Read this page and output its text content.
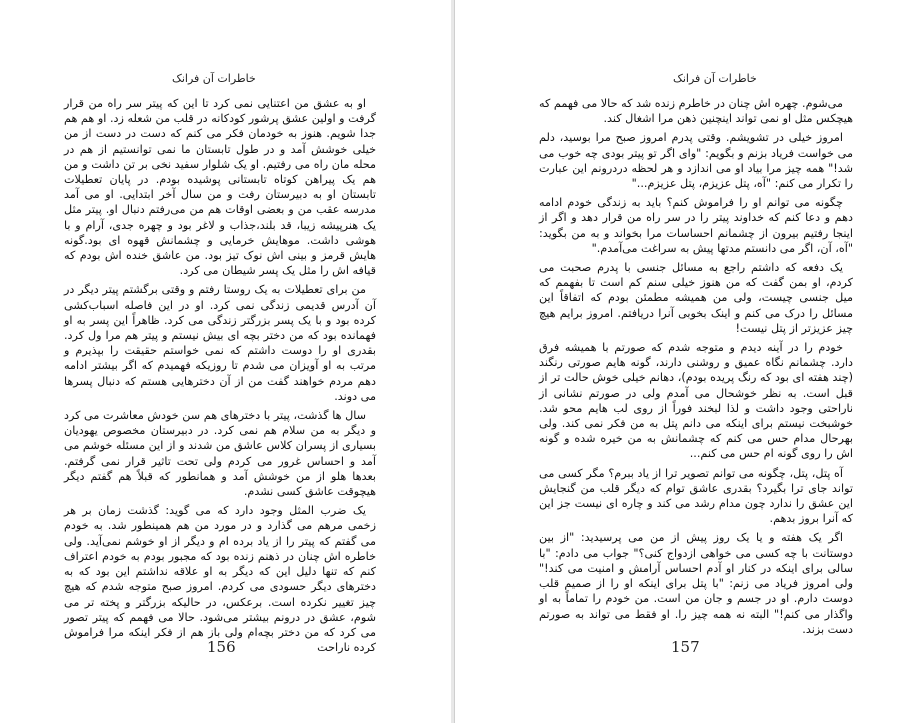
خاطرات آن فرانک

او به عشق من اعتنایی نمی کرد تا این که پیتر سر راه من قرار گرفت و اولین عشق پرشور کودکانه در قلب من شعله زد. او هم هم جدا شویم. هنوز به خودمان فکر می کنم که دست در دست از من خیلی خوشش آمد و در طول تابستان ما نمی توانستیم از هم در محله مان راه می رفتیم. او یک شلوار سفید نخی بر تن داشت و من هم یک پیراهن کوتاه تابستانی پوشیده بودم. در پایان تعطیلات تابستان او به دبیرستان رفت و من سال آخر ابتدایی. او می آمد مدرسه عقب من و بعضی اوقات هم من می‌رفتم دنبال او. پیتر مثل یک هنرپیشه زیبا، قد بلند،جذاب و لاغر بود و چهره جدی، آرام و با هوشی داشت. موهایش خرمایی و چشمانش قهوه ای بود.گونه هایش قرمز و بینی اش نوک تیز بود. من عاشق خنده اش بودم که قیافه اش را مثل یک پسر شیطان می کرد.

من برای تعطیلات به یک روستا رفتم و وقتی برگشتم پیتر دیگر در آن آدرس قدیمی زندگی نمی کرد. او در این فاصله اسباب‌کشی کرده بود و با یک پسر بزرگتر زندگی می کرد. ظاهراً این پسر به او فهمانده بود که من دختر بچه ای بیش نیستم و پیتر هم مرا ول کرد. بقدری او را دوست داشتم که نمی خواستم حقیقت را بپذیرم و مرتب به او آویزان می شدم تا روزیکه فهمیدم که اگر بیشتر ادامه دهم مردم خواهند گفت من از آن دخترهایی هستم که دنبال پسرها می دوند.

سال ها گذشت، پیتر با دخترهای هم سن خودش معاشرت می کرد و دیگر به من سلام هم نمی کرد. در دبیرستان مخصوص یهودیان بسیاری از پسران کلاس عاشق من شدند و از این مسئله خوشم می آمد و احساس غرور می کردم ولی تحت تاثیر قرار نمی گرفتم. بعدها هلو از من خوشش آمد و همانطور که قبلاً هم گفتم دیگر هیچوقت عاشق کسی نشدم.

یک ضرب المثل وجود دارد که می گوید: گذشت زمان بر هر زخمی مرهم می گذارد و در مورد من هم همینطور شد. به خودم می گفتم که پیتر را از یاد برده ام و دیگر از او خوشم نمی‌آید. ولی خاطره اش چنان در ذهنم زنده بود که مجبور بودم به خودم اعتراف کنم که تنها دلیل این که دیگر به او علاقه نداشتم این بود که به دخترهای دیگر حسودی می کردم. امروز صبح متوجه شدم که هیچ چیز تغییر نکرده است. برعکس، در حالیکه بزرگتر و پخته تر می شوم، عشق در درونم بیشتر می‌شود. حالا می فهمم که پیتر تصور می کرد که من دختر بچه‌ام ولی باز هم از فکر اینکه مرا فراموش کرده ناراحت

156
خاطرات آن فرانک

می‌شوم. چهره اش چنان در خاطرم زنده شد که حالا می فهمم که هیچکس مثل او نمی تواند اینچنین ذهن مرا اشغال کند.

امروز خیلی در تشویشم. وقتی پدرم امروز صبح مرا بوسید، دلم می خواست فریاد بزنم و بگویم: "وای اگر تو پیتر بودی چه خوب می شد!" همه چیز مرا بیاد او می اندازد و هر لحظه دردرونم این عبارت را تکرار می کنم: "آه، پتل عزیزم، پتل عزیزم..."

چگونه می توانم او را فراموش کنم؟ باید به زندگی خودم ادامه دهم و دعا کنم که خداوند پیتر را در سر راه من قرار دهد و اگر از اینجا رفتیم بیرون از چشمانم احساسات مرا بخواند و به من بگوید: "آه، آن، اگر می دانستم مدتها پیش به سراغت می‌آمدم."

یک دفعه که داشتم راجع به مسائل جنسی با پدرم صحبت می کردم، او بمن گفت که من هنوز خیلی سنم کم است تا بفهمم که میل جنسی چیست، ولی من همیشه مطمئن بودم که اتفاقاً این مسائل را درک می کنم و اینک بخوبی آنرا دریافتم. امروز برایم هیچ چیز عزیزتر از پتل نیست!

خودم را در آینه دیدم و متوجه شدم که صورتم با همیشه فرق دارد. چشمانم نگاه عمیق و روشنی دارند، گونه هایم صورتی رنگند (چند هفته ای بود که رنگ پریده بودم)، دهانم خیلی خوش حالت تر از قبل است. به نظر خوشحال می آمدم ولی در صورتم نشانی از ناراحتی وجود داشت و لذا لبخند فوراً از روی لب هایم محو شد. خوشبخت نیستم برای اینکه می دانم پتل به من فکر نمی کند. ولی بهرحال مدام حس می کنم که چشمانش به من خیره شده و گونه اش را روی گونه ام حس می کنم...

آه پتل، پتل، چگونه می توانم تصویر ترا از یاد ببرم؟ مگر کسی می تواند جای ترا بگیرد؟ بقدری عاشق توام که دیگر قلب من گنجایش این عشق را ندارد چون مدام رشد می کند و چاره ای نیست جز این که آنرا بروز بدهم.

اگر یک هفته و یا یک روز پیش از من می پرسیدید: "از بین دوستانت با چه کسی می خواهی ازدواج کنی؟" جواب می دادم: "با سالی برای اینکه در کنار او آدم احساس آرامش و امنیت می کند!" ولی امروز فریاد می زنم: "با پتل برای اینکه او را از صمیم قلب دوست دارم. او در جسم و جان من است. من خودم را تماماً به او واگذار می کنم!" البته نه همه چیز را. او فقط می تواند به صورتم دست بزند.

157
